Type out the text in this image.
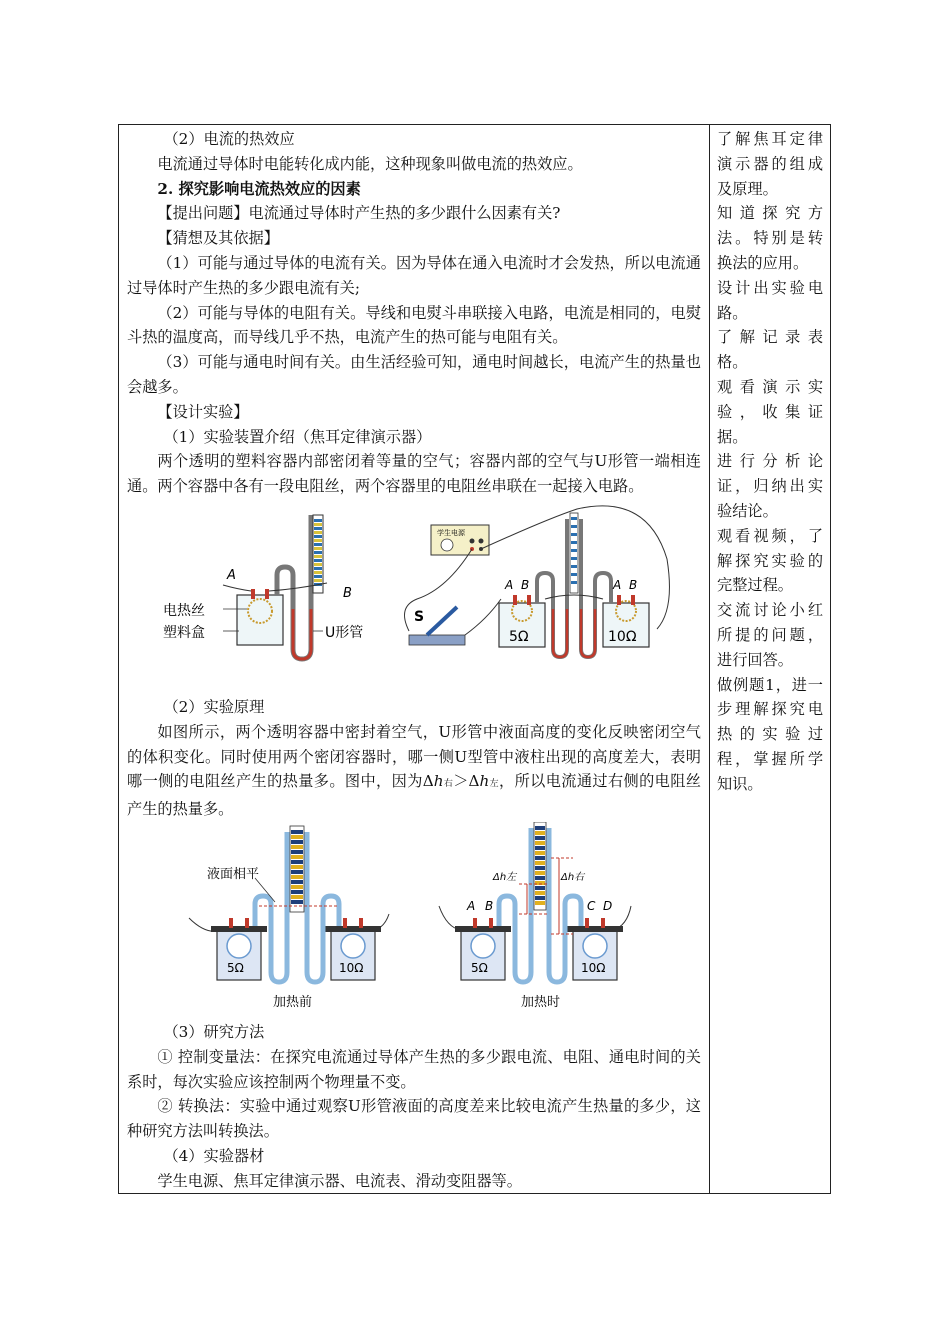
（2）电流的热效应

电流通过导体时电能转化成内能，这种现象叫做电流的热效应。

2. 探究影响电流热效应的因素

【提出问题】电流通过导体时产生热的多少跟什么因素有关?

【猜想及其依据】

（1）可能与通过导体的电流有关。因为导体在通入电流时才会发热，所以电流通过导体时产生热的多少跟电流有关;

（2）可能与导体的电阻有关。导线和电熨斗串联接入电路，电流是相同的，电熨斗热的温度高，而导线几乎不热，电流产生的热可能与电阻有关。

（3）可能与通电时间有关。由生活经验可知，通电时间越长，电流产生的热量也会越多。

【设计实验】

（1）实验装置介绍（焦耳定律演示器）

两个透明的塑料容器内部密闭着等量的空气；容器内部的空气与U形管一端相连通。两个容器中各有一段电阻丝，两个容器里的电阻丝串联在一起接入电路。

A
B
电热丝
塑料盒	U形管
学生电源
S
5Ω	10Ω
A B	A B

（2）实验原理

如图所示，两个透明容器中密封着空气，U形管中液面高度的变化反映密闭空气的体积变化。同时使用两个密闭容器时，哪一侧U型管中液柱出现的高度差大，表明哪一侧的电阻丝产生的热量多。图中，因为Δh右＞Δh左，所以电流通过右侧的电阻丝产生的热量多。

5Ω	10Ω
液面相平
加热前
5Ω	10Ω
Δh左	Δh右
A B	C D
加热时

（3）研究方法

① 控制变量法：在探究电流通过导体产生热的多少跟电流、电阻、通电时间的关系时，每次实验应该控制两个物理量不变。

② 转换法：实验中通过观察U形管液面的高度差来比较电流产生热量的多少，这种研究方法叫转换法。

（4）实验器材

学生电源、焦耳定律演示器、电流表、滑动变阻器等。

了解焦耳定律演示器的组成及原理。

知道探究方法。特别是转换法的应用。

设计出实验电路。

了解记录表格。

观看演示实验，收集证据。

进行分析论证，归纳出实验结论。

观看视频，了解探究实验的完整过程。

交流讨论小红所提的问题，进行回答。

做例题1，进一步理解探究电热的实验过程，掌握所学知识。
